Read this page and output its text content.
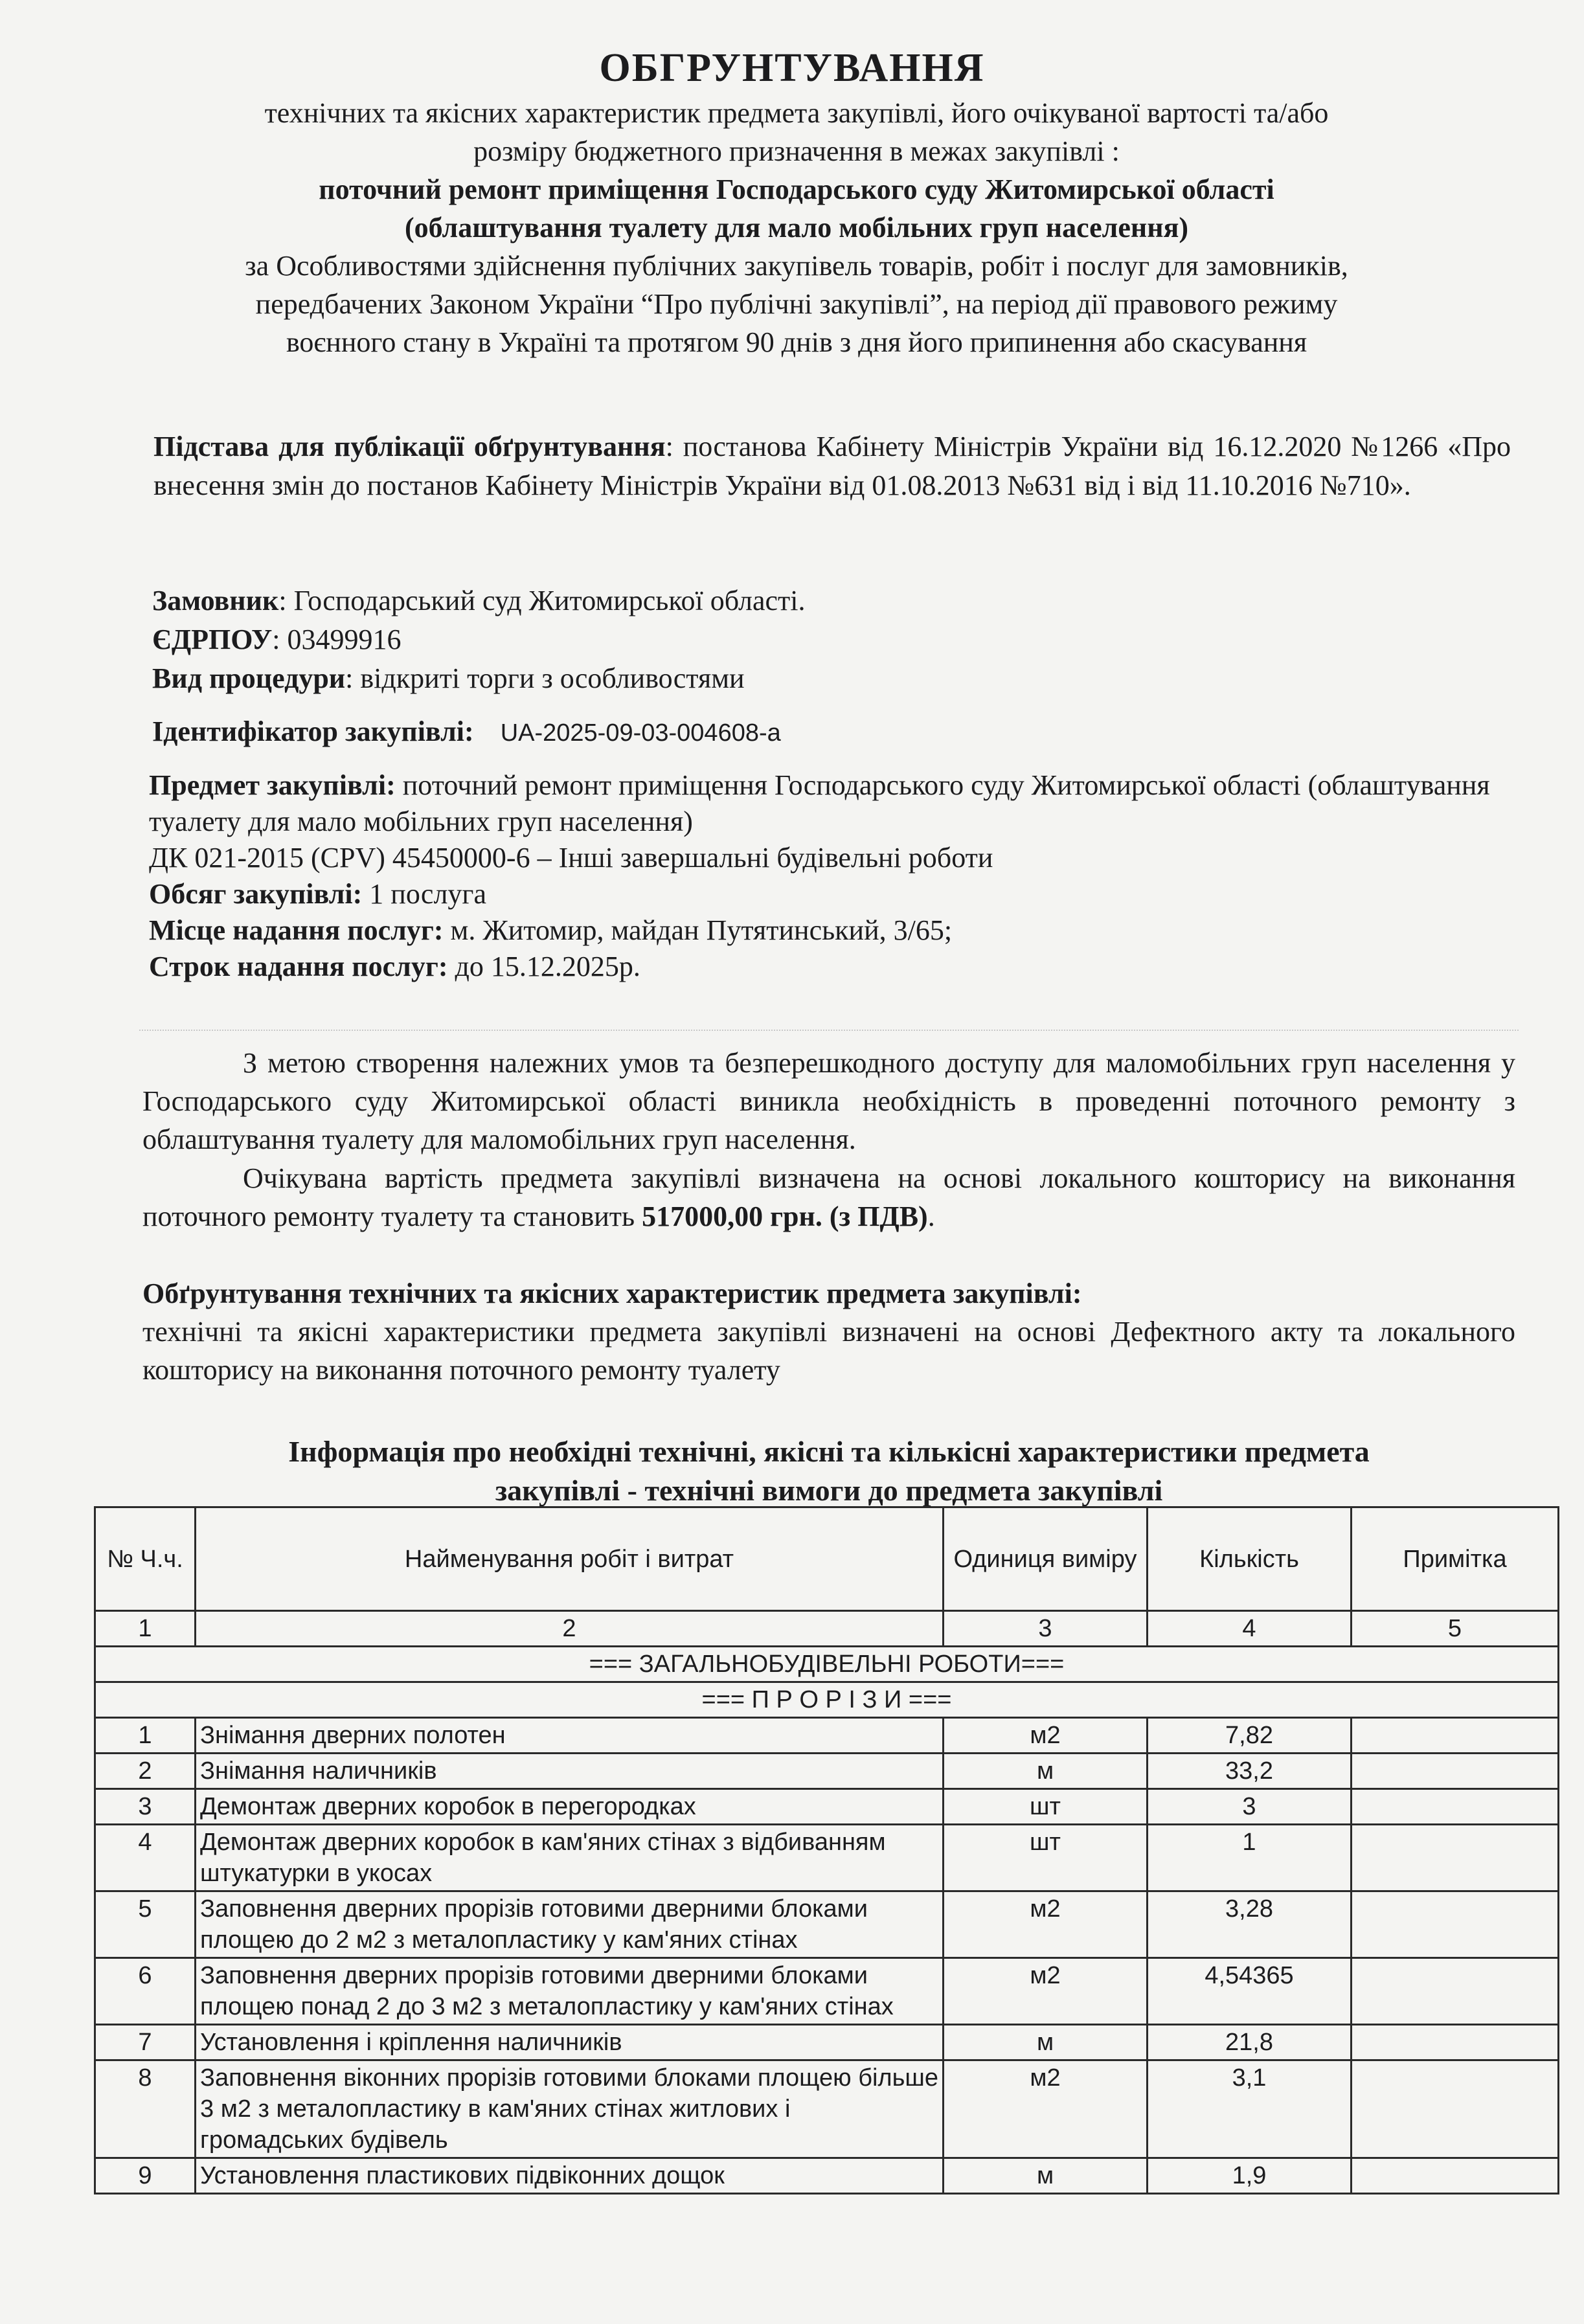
ОБГРУНТУВАННЯ
технічних та якісних характеристик предмета закупівлі, його очікуваної вартості та/або
розміру бюджетного призначення в межах закупівлі :
поточний ремонт приміщення Господарського суду Житомирської області
(облаштування туалету для мало мобільних груп населення)
за Особливостями здійснення публічних закупівель товарів, робіт і послуг для замовників,
передбачених Законом України “Про публічні закупівлі”, на період дії правового режиму
воєнного стану в Україні та протягом 90 днів з дня його припинення або скасування
Підстава для публікації обґрунтування: постанова Кабінету Міністрів України від 16.12.2020 №1266 «Про внесення змін до постанов Кабінету Міністрів України від 01.08.2013 №631 від і від 11.10.2016 №710».
Замовник: Господарський суд Житомирської області.
ЄДРПОУ: 03499916
Вид процедури: відкриті торги з особливостями
Ідентифікатор закупівлі: UA-2025-09-03-004608-a
Предмет закупівлі: поточний ремонт приміщення Господарського суду Житомирської області (облаштування туалету для мало мобільних груп населення)
ДК 021-2015 (CPV) 45450000-6 – Інші завершальні будівельні роботи
Обсяг закупівлі: 1 послуга
Місце надання послуг: м. Житомир, майдан Путятинський, 3/65;
Строк надання послуг: до 15.12.2025р.
З метою створення належних умов та безперешкодного доступу для маломобільних груп населення у Господарського суду Житомирської області виникла необхідність в проведенні поточного ремонту з облаштування туалету для маломобільних груп населення.
Очікувана вартість предмета закупівлі визначена на основі локального кошторису на виконання поточного ремонту туалету та становить 517000,00 грн. (з ПДВ).
Обґрунтування технічних та якісних характеристик предмета закупівлі:
технічні та якісні характеристики предмета закупівлі визначені на основі Дефектного акту та локального кошторису на виконання поточного ремонту туалету
Інформація про необхідні технічні, якісні та кількісні характеристики предмета
закупівлі - технічні вимоги до предмета закупівлі
№ Ч.ч.	Найменування робіт і витрат	Одиниця виміру	Кількість	Примітка
1	2	3	4	5
=== ЗАГАЛЬНОБУДІВЕЛЬНІ РОБОТИ===				
=== П Р О Р І З И ===				
1	Знімання дверних полотен	м2	7,82	
2	Знімання наличників	м	33,2	
3	Демонтаж дверних коробок в перегородках	шт	3	
4	Демонтаж дверних коробок в кам'яних стінах з відбиванням штукатурки в укосах	шт	1	
5	Заповнення дверних прорізів готовими дверними блоками площею до 2 м2 з металопластику у кам'яних стінах	м2	3,28	
6	Заповнення дверних прорізів готовими дверними блоками площею понад 2 до 3 м2 з металопластику у кам'яних стінах	м2	4,54365	
7	Установлення і кріплення наличників	м	21,8	
8	Заповнення віконних прорізів готовими блоками площею більше 3 м2 з металопластику в кам'яних стінах житлових і громадських будівель	м2	3,1	
9	Установлення пластикових підвіконних дощок	м	1,9	
